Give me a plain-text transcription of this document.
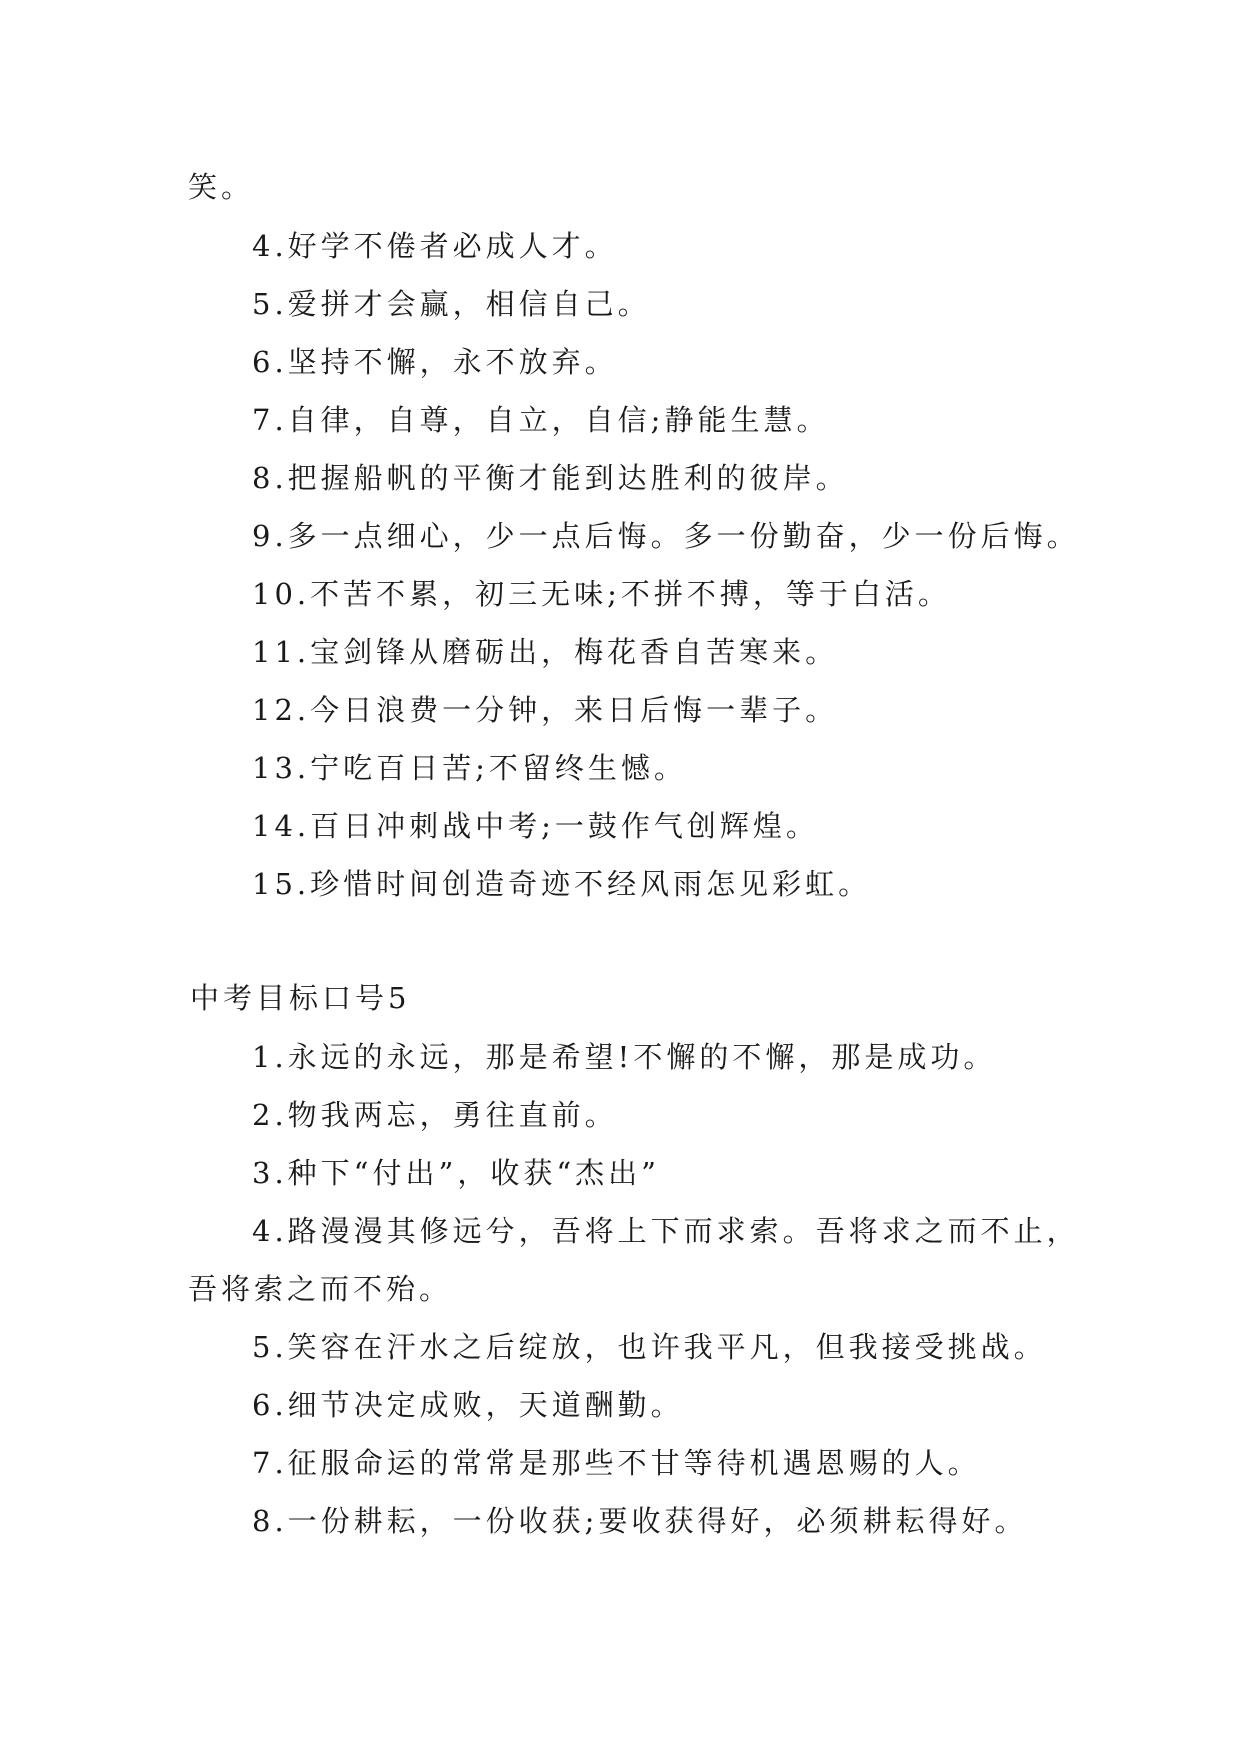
笑。
4.好学不倦者必成人才。
5.爱拼才会赢，相信自己。
6.坚持不懈，永不放弃。
7.自律，自尊，自立，自信;静能生慧。
8.把握船帆的平衡才能到达胜利的彼岸。
9.多一点细心，少一点后悔。多一份勤奋，少一份后悔。
10.不苦不累，初三无味;不拼不搏，等于白活。
11.宝剑锋从磨砺出，梅花香自苦寒来。
12.今日浪费一分钟，来日后悔一辈子。
13.宁吃百日苦;不留终生憾。
14.百日冲刺战中考;一鼓作气创辉煌。
15.珍惜时间创造奇迹不经风雨怎见彩虹。
中考目标口号5
1.永远的永远，那是希望!不懈的不懈，那是成功。
2.物我两忘，勇往直前。
3.种下“付出”，收获“杰出”
4.路漫漫其修远兮，吾将上下而求索。吾将求之而不止，
吾将索之而不殆。
5.笑容在汗水之后绽放，也许我平凡，但我接受挑战。
6.细节决定成败，天道酬勤。
7.征服命运的常常是那些不甘等待机遇恩赐的人。
8.一份耕耘，一份收获;要收获得好，必须耕耘得好。
